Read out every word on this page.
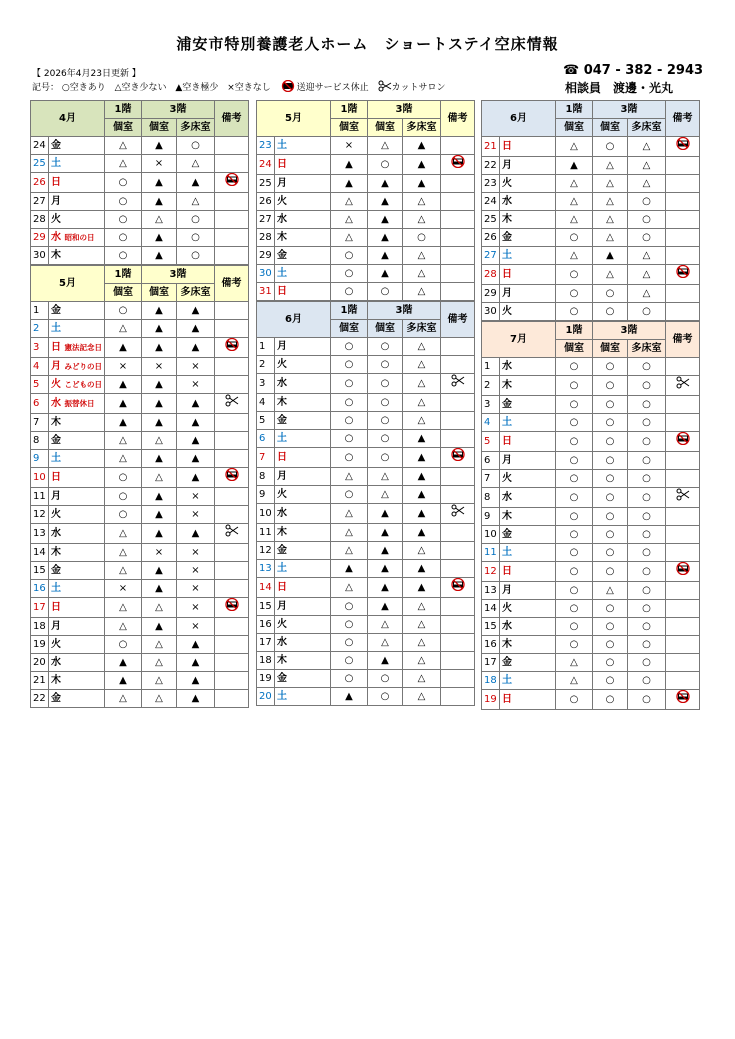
浦安市特別養護老人ホーム　ショートステイ空床情報
【 2026年4月23日更新 】
記号： ○空きあり △空き少ない ▲空き極少 ×空きなし	送迎サービス休止	カットサロン
☎ 047 - 382 - 2943
相談員　渡邊・光丸
4月		1階	3階		備考
		個室	個室	多床室	
24	金	△	▲	○	
25	土	△	×	△	
26	日	○	▲	▲	
27	月	○	▲	△	
28	火	○	△	○	
29	水 昭和の日	○	▲	○	
30	木	○	▲	○	
5月		1階	3階		備考
		個室	個室	多床室	
1	金	○	▲	▲	
2	土	△	▲	▲	
3	日 憲法記念日	▲	▲	▲	
4	月 みどりの日	×	×	×	
5	火 こどもの日	▲	▲	×	
6	水 振替休日	▲	▲	▲	
7	木	▲	▲	▲	
8	金	△	△	▲	
9	土	△	▲	▲	
10	日	○	△	▲	
11	月	○	▲	×	
12	火	○	▲	×	
13	水	△	▲	▲	
14	木	△	×	×	
15	金	△	▲	×	
16	土	×	▲	×	
17	日	△	△	×	
18	月	△	▲	×	
19	火	○	△	▲	
20	水	▲	△	▲	
21	木	▲	△	▲	
22	金	△	△	▲	
5月		1階	3階		備考
		個室	個室	多床室	
23	土	×	△	▲	
24	日	▲	○	▲	
25	月	▲	▲	▲	
26	火	△	▲	△	
27	水	△	▲	△	
28	木	△	▲	○	
29	金	○	▲	△	
30	土	○	▲	△	
31	日	○	○	△	
6月		1階	3階		備考
		個室	個室	多床室	
1	月	○	○	△	
2	火	○	○	△	
3	水	○	○	△	
4	木	○	○	△	
5	金	○	○	△	
6	土	○	○	▲	
7	日	○	○	▲	
8	月	△	△	▲	
9	火	○	△	▲	
10	水	△	▲	▲	
11	木	△	▲	▲	
12	金	△	▲	△	
13	土	▲	▲	▲	
14	日	△	▲	▲	
15	月	○	▲	△	
16	火	○	△	△	
17	水	○	△	△	
18	木	○	▲	△	
19	金	○	○	△	
20	土	▲	○	△	
6月		1階	3階		備考
		個室	個室	多床室	
21	日	△	○	△	
22	月	▲	△	△	
23	火	△	△	△	
24	水	△	△	○	
25	木	△	△	○	
26	金	○	△	○	
27	土	△	▲	△	
28	日	○	△	△	
29	月	○	○	△	
30	火	○	○	○	
7月		1階	3階		備考
		個室	個室	多床室	
1	水	○	○	○	
2	木	○	○	○	
3	金	○	○	○	
4	土	○	○	○	
5	日	○	○	○	
6	月	○	○	○	
7	火	○	○	○	
8	水	○	○	○	
9	木	○	○	○	
10	金	○	○	○	
11	土	○	○	○	
12	日	○	○	○	
13	月	○	△	○	
14	火	○	○	○	
15	水	○	○	○	
16	木	○	○	○	
17	金	△	○	○	
18	土	△	○	○	
19	日	○	○	○	
